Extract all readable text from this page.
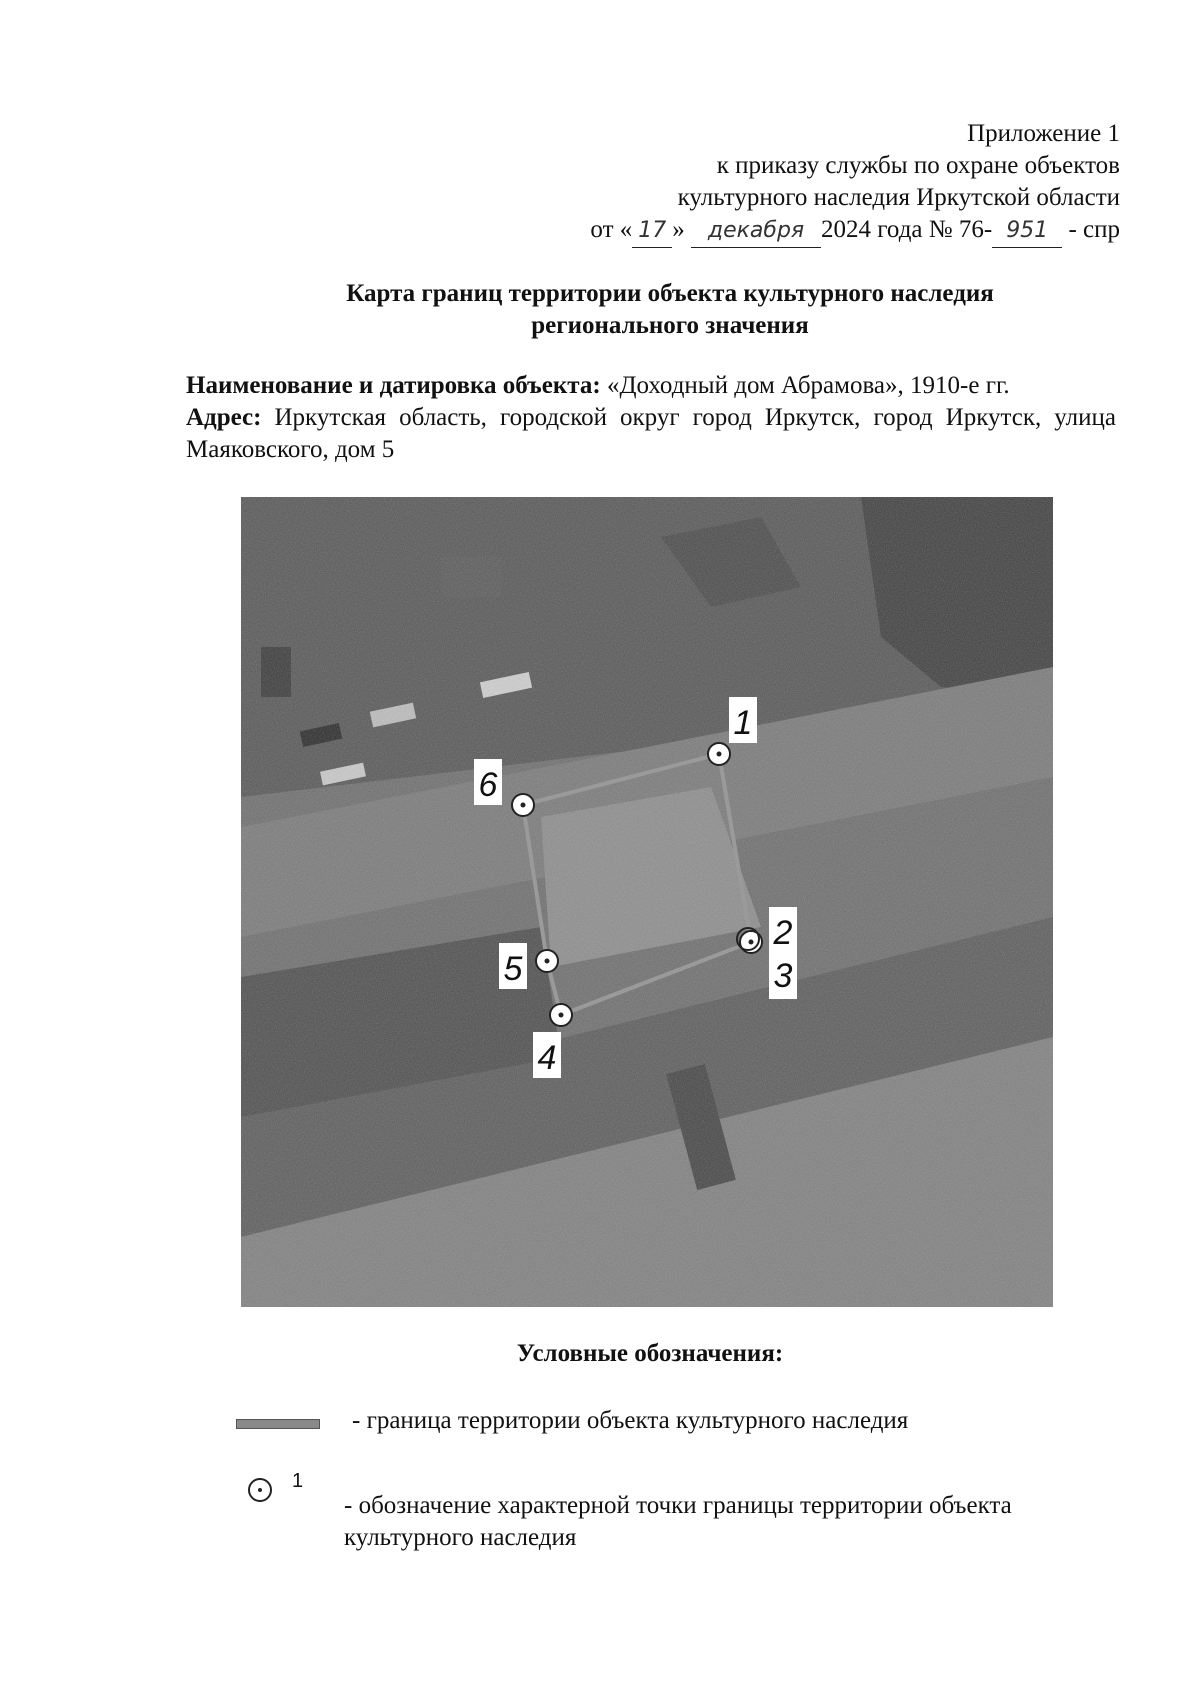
Приложение 1
к приказу службы по охране объектов
культурного наследия Иркутской области
от « 17 » декабря 2024 года № 76- 951 - спр
Карта границ территории объекта культурного наследия
регионального значения
Наименование и датировка объекта: «Доходный дом Абрамова», 1910-е гг.
Адрес: Иркутская область, городской округ город Иркутск, город Иркутск, улица Маяковского, дом 5
1
6
5
4
2
3
Условные обозначения:
- граница территории объекта культурного наследия
1
- обозначение характерной точки границы территории объекта культурного наследия
